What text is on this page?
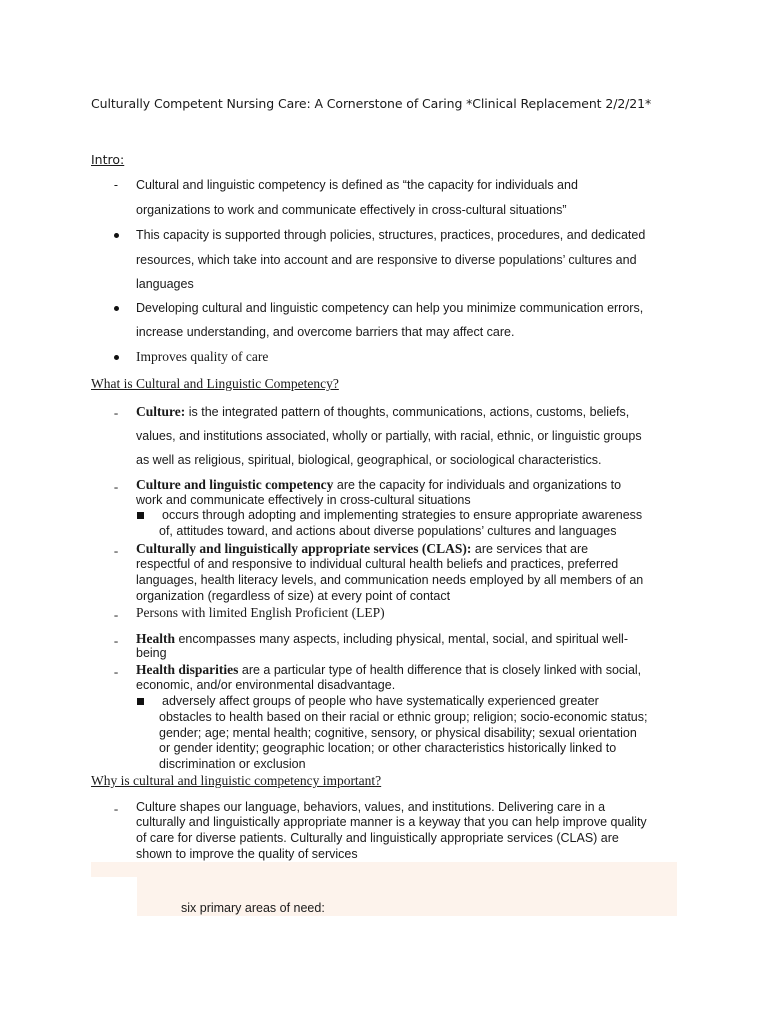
Culturally Competent Nursing Care: A Cornerstone of Caring *Clinical Replacement 2/2/21*
Intro:
-	Cultural and linguistic competency is defined as “the capacity for individuals and
organizations to work and communicate effectively in cross-cultural situations”
This capacity is supported through policies, structures, practices, procedures, and dedicated
resources, which take into account and are responsive to diverse populations’ cultures and
languages
Developing cultural and linguistic competency can help you minimize communication errors,
increase understanding, and overcome barriers that may affect care.
Improves quality of care
What is Cultural and Linguistic Competency?
- Culture: is the integrated pattern of thoughts, communications, actions, customs, beliefs,
values, and institutions associated, wholly or partially, with racial, ethnic, or linguistic groups
as well as religious, spiritual, biological, geographical, or sociological characteristics.
- Culture and linguistic competency are the capacity for individuals and organizations to
work and communicate effectively in cross-cultural situations
occurs through adopting and implementing strategies to ensure appropriate awareness
of, attitudes toward, and actions about diverse populations’ cultures and languages
- Culturally and linguistically appropriate services (CLAS): are services that are
respectful of and responsive to individual cultural health beliefs and practices, preferred
languages, health literacy levels, and communication needs employed by all members of an
organization (regardless of size) at every point of contact
- Persons with limited English Proficient (LEP)
- Health encompasses many aspects, including physical, mental, social, and spiritual well-
being
- Health disparities are a particular type of health difference that is closely linked with social,
economic, and/or environmental disadvantage.
adversely affect groups of people who have systematically experienced greater
obstacles to health based on their racial or ethnic group; religion; socio-economic status;
gender; age; mental health; cognitive, sensory, or physical disability; sexual orientation
or gender identity; geographic location; or other characteristics historically linked to
discrimination or exclusion
Why is cultural and linguistic competency important?
-	Culture shapes our language, behaviors, values, and institutions. Delivering care in a
culturally and linguistically appropriate manner is a keyway that you can help improve quality
of care for diverse patients. Culturally and linguistically appropriate services (CLAS) are
shown to improve the quality of services
six primary areas of need:
